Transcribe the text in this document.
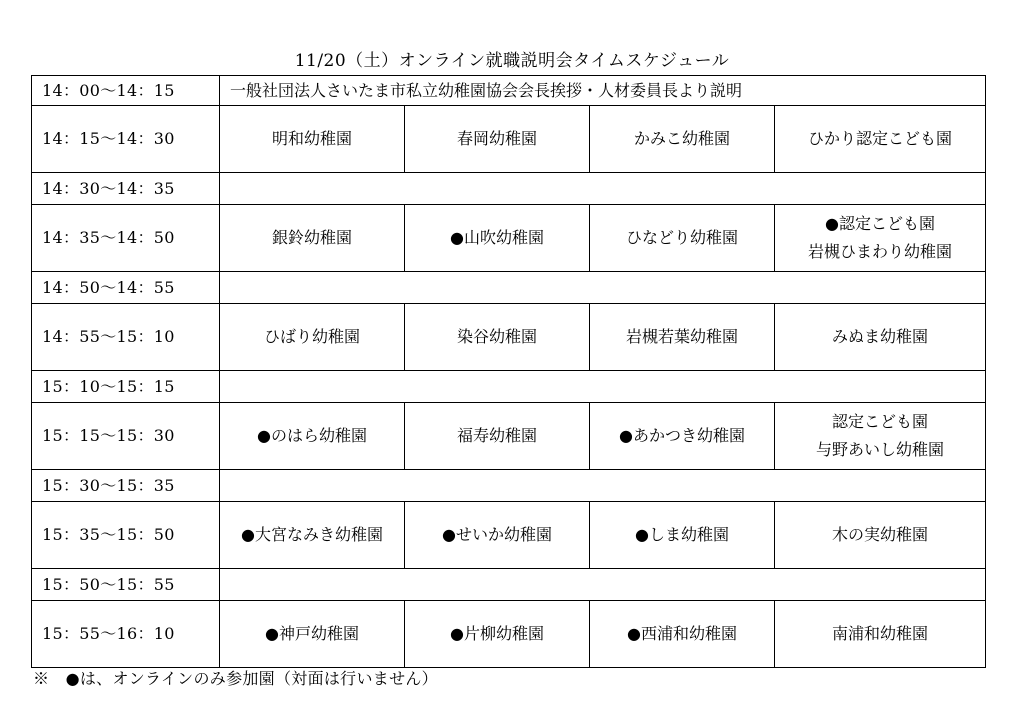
11/20（土）オンライン就職説明会タイムスケジュール
14：00～14：15	一般社団法人さいたま市私立幼稚園協会会長挨拶・人材委員長より説明			
14：15～14：30	明和幼稚園	春岡幼稚園	かみこ幼稚園	ひかり認定こども園
14：30～14：35				
14：35～14：50	銀鈴幼稚園	●山吹幼稚園	ひなどり幼稚園	●認定こども園
岩槻ひまわり幼稚園

14：50～14：55				
14：55～15：10	ひばり幼稚園	染谷幼稚園	岩槻若葉幼稚園	みぬま幼稚園
15：10～15：15				
15：15～15：30	●のはら幼稚園	福寿幼稚園	●あかつき幼稚園	認定こども園
与野あいし幼稚園

15：30～15：35				
15：35～15：50	●大宮なみき幼稚園	●せいか幼稚園	●しま幼稚園	木の実幼稚園
15：50～15：55				
15：55～16：10	●神戸幼稚園	●片柳幼稚園	●西浦和幼稚園	南浦和幼稚園
※　●は、オンラインのみ参加園（対面は行いません）
